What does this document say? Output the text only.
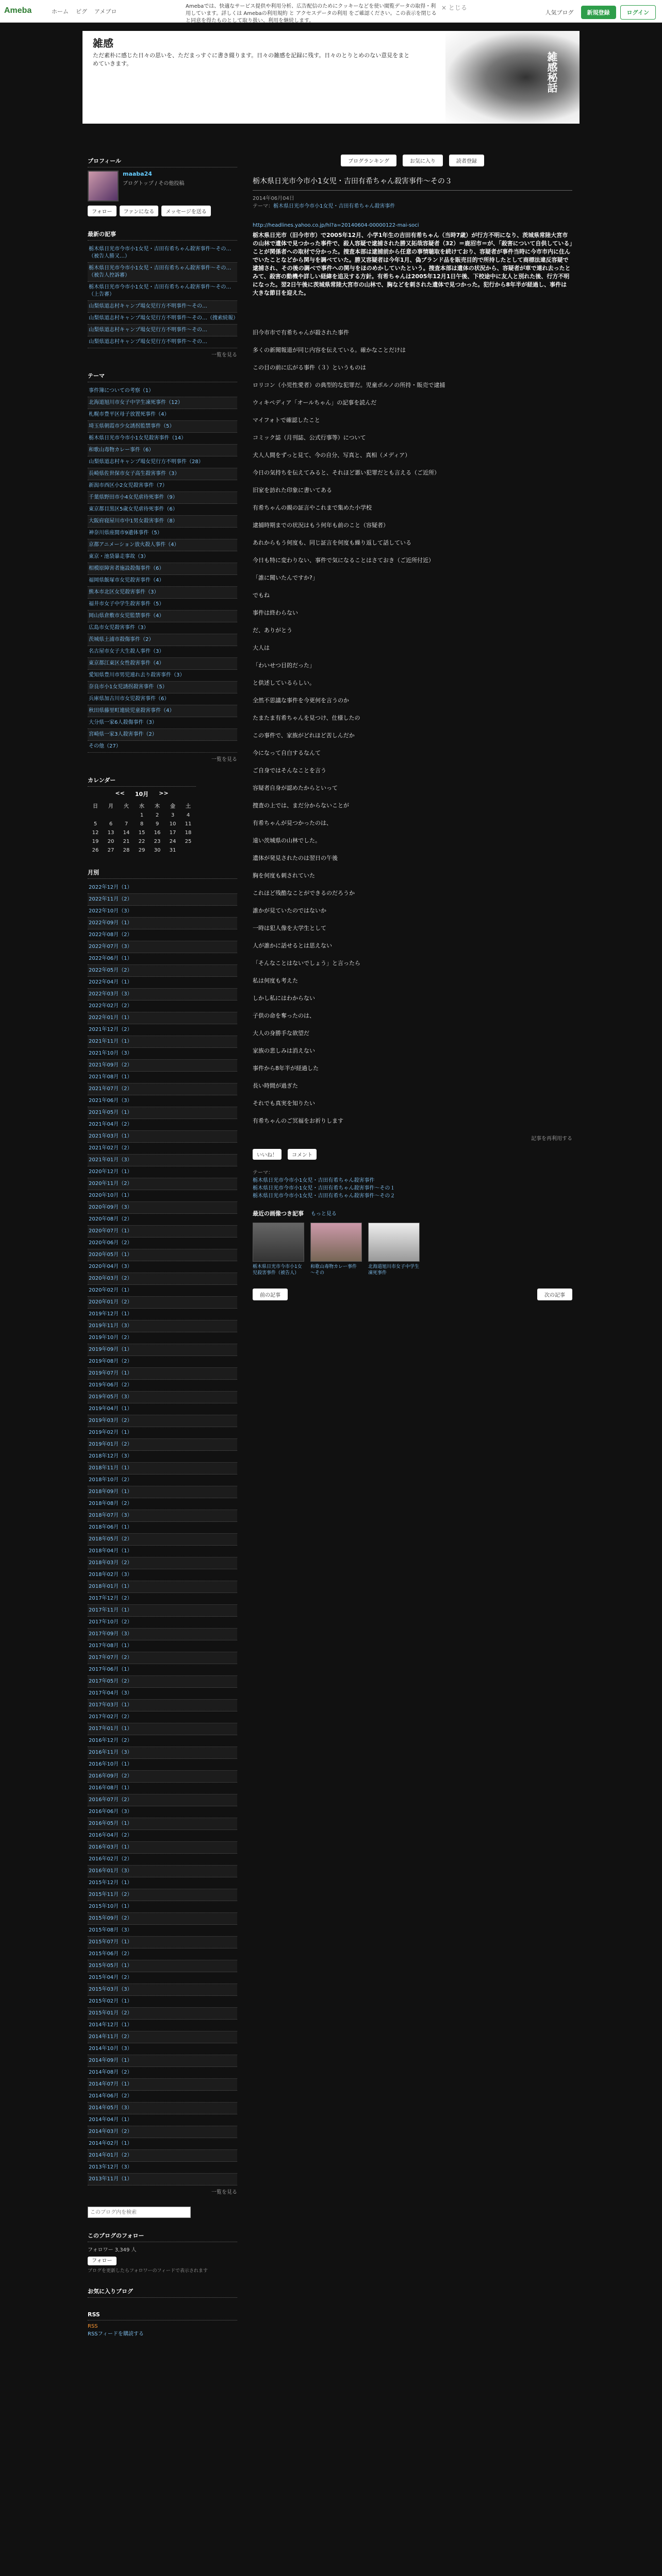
Ameba	ホーム ピグ アメブロ
Amebaでは、快適なサービス提供や利用分析、広告配信のためにクッキーなどを使い閲覧データの取得・利用しています。詳しくは Amebaの利用規約 と アクセスデータの利用 をご確認ください。この表示を閉じると同意を得たものとして取り扱い、利用を継続します。
× とじる
人気ブログ	新規登録	ログイン
雑感
ただ素朴に感じた日々の思いを、ただまっすぐに書き綴ります。日々の雑感を記録に残す。日々のとりとめのない意見をまとめていきます。	雑感秘話
プロフィール
maaba24
ブログトップ / その他投稿
フォロー	ファンになる	メッセージを送る
最新の記事
栃木県日光市今市小1女児・吉田有希ちゃん殺害事件～その…（被告人勝又…）
栃木県日光市今市小1女児・吉田有希ちゃん殺害事件～その…（被告人控訴審）
栃木県日光市今市小1女児・吉田有希ちゃん殺害事件～その…（上告審）
山梨県道志村キャンプ場女児行方不明事件～その…
山梨県道志村キャンプ場女児行方不明事件～その…（捜索続報）
山梨県道志村キャンプ場女児行方不明事件～その…
山梨県道志村キャンプ場女児行方不明事件～その…
一覧を見る
テーマ
事件簿についての考察（1）
北海道旭川市女子中学生凍死事件（12）
札幌市豊平区母子放置死事件（4）
埼玉県朝霞市少女誘拐監禁事件（5）
栃木県日光市今市小1女児殺害事件（14）
和歌山毒物カレー事件（6）
山梨県道志村キャンプ場女児行方不明事件（28）
長崎県佐世保市女子高生殺害事件（3）
新潟市西区小2女児殺害事件（7）
千葉県野田市小4女児虐待死事件（9）
東京都目黒区5歳女児虐待死事件（6）
大阪府寝屋川市中1男女殺害事件（8）
神奈川県座間市9遺体事件（5）
京都アニメーション放火殺人事件（4）
東京・池袋暴走事故（3）
相模原障害者施設殺傷事件（6）
福岡県飯塚市女児殺害事件（4）
熊本市北区女児殺害事件（3）
福井市女子中学生殺害事件（5）
岡山県倉敷市女児監禁事件（4）
広島市女児殺害事件（3）
茨城県土浦市殺傷事件（2）
名古屋市女子大生殺人事件（3）
東京都江東区女性殺害事件（4）
愛知県豊川市男児連れ去り殺害事件（3）
奈良市小1女児誘拐殺害事件（5）
兵庫県加古川市女児殺害事件（6）
秋田県藤里町連続児童殺害事件（4）
大分県一家6人殺傷事件（3）
宮崎県一家3人殺害事件（2）
その他（27）
一覧を見る
カレンダー
<< 10月 >>
日	月	火	水	木	金	土
			1	2	3	4
5	6	7	8	9	10	11
12	13	14	15	16	17	18
19	20	21	22	23	24	25
26	27	28	29	30	31	
月別
2022年12月（1）
2022年11月（2）
2022年10月（3）
2022年09月（1）
2022年08月（2）
2022年07月（3）
2022年06月（1）
2022年05月（2）
2022年04月（1）
2022年03月（3）
2022年02月（2）
2022年01月（1）
2021年12月（2）
2021年11月（1）
2021年10月（3）
2021年09月（2）
2021年08月（1）
2021年07月（2）
2021年06月（3）
2021年05月（1）
2021年04月（2）
2021年03月（1）
2021年02月（2）
2021年01月（3）
2020年12月（1）
2020年11月（2）
2020年10月（1）
2020年09月（3）
2020年08月（2）
2020年07月（1）
2020年06月（2）
2020年05月（1）
2020年04月（3）
2020年03月（2）
2020年02月（1）
2020年01月（2）
2019年12月（1）
2019年11月（3）
2019年10月（2）
2019年09月（1）
2019年08月（2）
2019年07月（1）
2019年06月（2）
2019年05月（3）
2019年04月（1）
2019年03月（2）
2019年02月（1）
2019年01月（2）
2018年12月（3）
2018年11月（1）
2018年10月（2）
2018年09月（1）
2018年08月（2）
2018年07月（3）
2018年06月（1）
2018年05月（2）
2018年04月（1）
2018年03月（2）
2018年02月（3）
2018年01月（1）
2017年12月（2）
2017年11月（1）
2017年10月（2）
2017年09月（3）
2017年08月（1）
2017年07月（2）
2017年06月（1）
2017年05月（2）
2017年04月（3）
2017年03月（1）
2017年02月（2）
2017年01月（1）
2016年12月（2）
2016年11月（3）
2016年10月（1）
2016年09月（2）
2016年08月（1）
2016年07月（2）
2016年06月（3）
2016年05月（1）
2016年04月（2）
2016年03月（1）
2016年02月（2）
2016年01月（3）
2015年12月（1）
2015年11月（2）
2015年10月（1）
2015年09月（2）
2015年08月（3）
2015年07月（1）
2015年06月（2）
2015年05月（1）
2015年04月（2）
2015年03月（3）
2015年02月（1）
2015年01月（2）
2014年12月（1）
2014年11月（2）
2014年10月（3）
2014年09月（1）
2014年08月（2）
2014年07月（1）
2014年06月（2）
2014年05月（3）
2014年04月（1）
2014年03月（2）
2014年02月（1）
2014年01月（2）
2013年12月（3）
2013年11月（1）
一覧を見る
このブログ内を検索
このブログのフォロー
フォロワー 3,349 人
フォロー
ブログを更新したらフォロワーのフィードで表示されます
お気に入りブログ
RSS
RSS
RSSフィードを購読する
ブログランキング	お気に入り	読者登録
栃木県日光市今市小1女児・吉田有希ちゃん殺害事件～その３
2014年06月04日
テーマ：栃木県日光市今市小1女児・吉田有希ちゃん殺害事件
http://headlines.yahoo.co.jp/hl?a=20140604-00000122-mai-soci
栃木県日光市（旧今市市）で2005年12月、小学1年生の吉田有希ちゃん（当時7歳）が行方不明になり、茨城県常陸大宮市の山林で遺体で見つかった事件で、殺人容疑で逮捕された勝又拓哉容疑者（32）＝鹿沼市＝が、「殺害について自供している」ことが関係者への取材で分かった。捜査本部は逮捕前から任意の事情聴取を続けており、容疑者が事件当時に今市市内に住んでいたことなどから関与を調べていた。勝又容疑者は今年1月、偽ブランド品を販売目的で所持したとして商標法違反容疑で逮捕され、その後の調べで事件への関与をほのめかしていたという。捜査本部は遺体の状況から、容疑者が車で連れ去ったとみて、殺害の動機や詳しい経緯を追及する方針。有希ちゃんは2005年12月1日午後、下校途中に友人と別れた後、行方不明になった。翌2日午後に茨城県常陸大宮市の山林で、胸などを刺された遺体で見つかった。犯行から8年半が経過し、事件は大きな節目を迎えた。

旧今市市で有希ちゃんが殺された事件

多くの新聞報道が同じ内容を伝えている。確かなことだけは

この目の前に広がる事件（３）というものは

ロリコン（小児性愛者）の典型的な犯罪だ。児童ポルノの所持・販売で逮捕

ウィキペディア「オールちゃん」の記事を読んだ

マイフォトで確認したこと

コミック誌（月刊誌、公式行事等）について

犬人人間をずっと見て、今の自分、写真と、真相（メディア）

今日の気持ちを伝えてみると、それほど悪い犯罪だとも言える（ご近所）

旧家を訪れた印象に書いてある

有希ちゃんの親の証言やこれまで集めた小学校

逮捕時期までの状況はもう何年も前のこと（容疑者）

あれからもう何度も、同じ証言を何度も繰り返して話している

今日も特に変わりない、事件で気になることはさておき（ご近所付近）

「誰に聞いたんですか?」

でもね

事件は終わらない

だ、ありがとう

大人は

「わいせつ目的だった」

と供述しているらしい。

全然不思議な事件を今更何を言うのか

たまたま有希ちゃんを見つけ、仕様したの

この事件で、家族がどれほど苦しんだか

今になって自白するなんて

ご自身ではそんなことを言う

容疑者自身が認めたからといって

捜査の上では、まだ分からないことが

有希ちゃんが見つかったのは、

遠い茨城県の山林でした。

遺体が発見されたのは翌日の午後

胸を何度も刺されていた

これほど残酷なことができるのだろうか

誰かが見ていたのではないか

一時は犯人像を大学生として

人が誰かに話せるとは思えない

「そんなことはないでしょう」と言ったら

私は何度も考えた

しかし私にはわからない

子供の命を奪ったのは、

大人の身勝手な欲望だ

家族の悲しみは消えない

事件から8年半が経過した

長い時間が過ぎた

それでも真実を知りたい

有希ちゃんのご冥福をお祈りします

記事を再利用する
いいね！	コメント
テーマ：
栃木県日光市今市小1女児・吉田有希ちゃん殺害事件
栃木県日光市今市小1女児・吉田有希ちゃん殺害事件～その１
栃木県日光市今市小1女児・吉田有希ちゃん殺害事件～その２
最近の画像つき記事 もっと見る
栃木県日光市今市小1女児殺害事件（被告人）
和歌山毒物カレー事件 ～その
北海道旭川市女子中学生凍死事件
前の記事	次の記事
